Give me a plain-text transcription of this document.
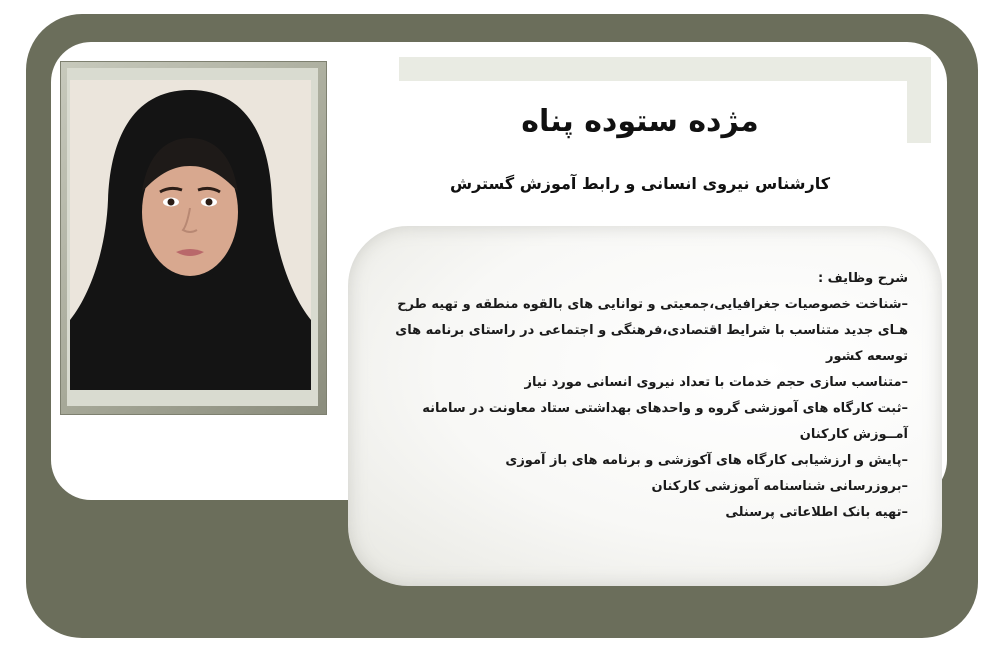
مژده ستوده پناه
کارشناس نیروی انسانی و رابط آموزش گسترش
شرح وظایف :
–شناخت خصوصیات جغرافیایی،جمعیتی و توانایی های بالقوه منطقه و تهیه طرح هـای جدید متناسب با شرایط اقتصادی،فرهنگی و اجتماعی در راستای برنامه های توسعه کشور
–متناسب سازی حجم خدمات با تعداد نیروی انسانی مورد نیاز
–ثبت کارگاه های آموزشی گروه و واحدهای بهداشتی ستاد معاونت در سامانه آمــوزش کارکنان
–پایش و ارزشیابی کارگاه های آکوزشی و برنامه های باز آموزی
–بروزرسانی شناسنامه آموزشی کارکنان
–تهیه بانک اطلاعاتی پرسنلی
